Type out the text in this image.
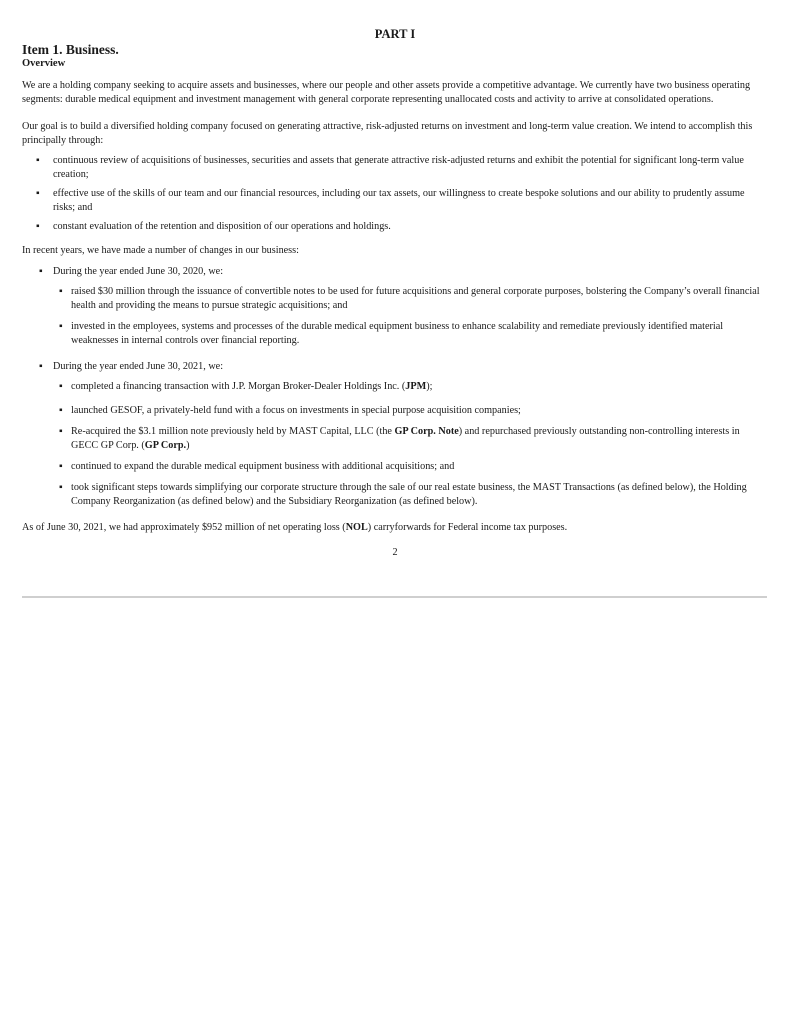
PART I

Item 1. Business.

Overview

We are a holding company seeking to acquire assets and businesses, where our people and other assets provide a competitive advantage. We currently have two business operating segments: durable medical equipment and investment management with general corporate representing unallocated costs and activity to arrive at consolidated operations.

Our goal is to build a diversified holding company focused on generating attractive, risk-adjusted returns on investment and long-term value creation. We intend to accomplish this principally through:

▪ continuous review of acquisitions of businesses, securities and assets that generate attractive risk-adjusted returns and exhibit the potential for significant long-term value creation;
▪ effective use of the skills of our team and our financial resources, including our tax assets, our willingness to create bespoke solutions and our ability to prudently assume risks; and
▪ constant evaluation of the retention and disposition of our operations and holdings.

In recent years, we have made a number of changes in our business:

▪ During the year ended June 30, 2020, we:
▪ raised $30 million through the issuance of convertible notes to be used for future acquisitions and general corporate purposes, bolstering the Company’s overall financial health and providing the means to pursue strategic acquisitions; and
▪ invested in the employees, systems and processes of the durable medical equipment business to enhance scalability and remediate previously identified material weaknesses in internal controls over financial reporting.
▪ During the year ended June 30, 2021, we:
▪ completed a financing transaction with J.P. Morgan Broker-Dealer Holdings Inc. (JPM);
▪ launched GESOF, a privately-held fund with a focus on investments in special purpose acquisition companies;
▪ Re-acquired the $3.1 million note previously held by MAST Capital, LLC (the GP Corp. Note) and repurchased previously outstanding non-controlling interests in GECC GP Corp. (GP Corp.)
▪ continued to expand the durable medical equipment business with additional acquisitions; and
▪ took significant steps towards simplifying our corporate structure through the sale of our real estate business, the MAST Transactions (as defined below), the Holding Company Reorganization (as defined below) and the Subsidiary Reorganization (as defined below).

As of June 30, 2021, we had approximately $952 million of net operating loss (NOL) carryforwards for Federal income tax purposes.

2
